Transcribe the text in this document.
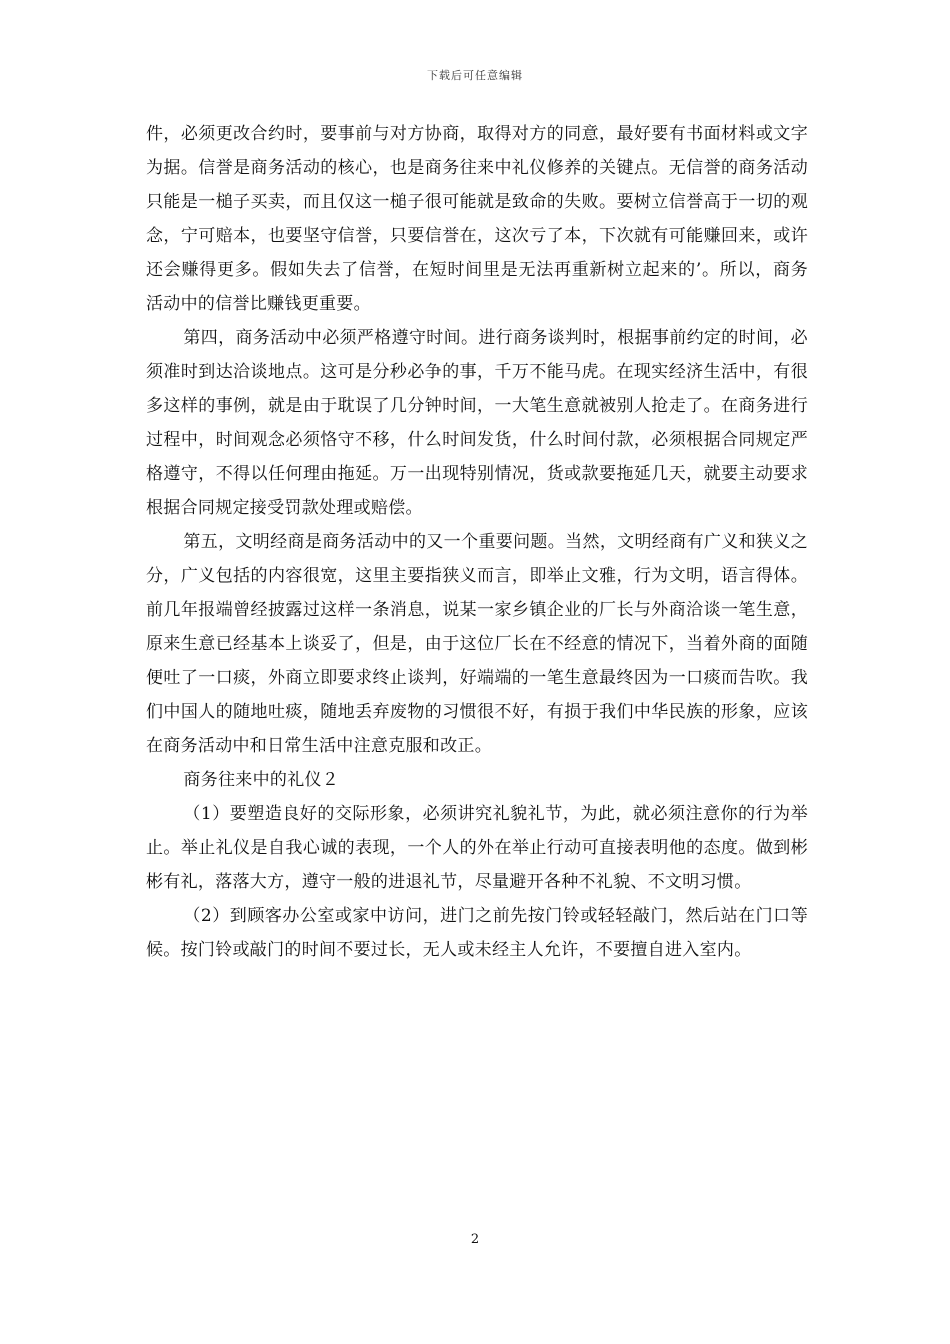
下载后可任意编辑

件，必须更改合约时，要事前与对方协商，取得对方的同意，最好要有书面材料或文字为据。信誉是商务活动的核心，也是商务往来中礼仪修养的关键点。无信誉的商务活动只能是一槌子买卖，而且仅这一槌子很可能就是致命的失败。要树立信誉高于一切的观念，宁可赔本，也要坚守信誉，只要信誉在，这次亏了本，下次就有可能赚回来，或许还会赚得更多。假如失去了信誉，在短时间里是无法再重新树立起来的’。所以，商务活动中的信誉比赚钱更重要。

第四，商务活动中必须严格遵守时间。进行商务谈判时，根据事前约定的时间，必须准时到达洽谈地点。这可是分秒必争的事，千万不能马虎。在现实经济生活中，有很多这样的事例，就是由于耽误了几分钟时间，一大笔生意就被别人抢走了。在商务进行过程中，时间观念必须恪守不移，什么时间发货，什么时间付款，必须根据合同规定严格遵守，不得以任何理由拖延。万一出现特别情况，货或款要拖延几天，就要主动要求根据合同规定接受罚款处理或赔偿。

第五，文明经商是商务活动中的又一个重要问题。当然，文明经商有广义和狭义之分，广义包括的内容很宽，这里主要指狭义而言，即举止文雅，行为文明，语言得体。前几年报端曾经披露过这样一条消息，说某一家乡镇企业的厂长与外商洽谈一笔生意，原来生意已经基本上谈妥了，但是，由于这位厂长在不经意的情况下，当着外商的面随便吐了一口痰，外商立即要求终止谈判，好端端的一笔生意最终因为一口痰而告吹。我们中国人的随地吐痰，随地丢弃废物的习惯很不好，有损于我们中华民族的形象，应该在商务活动中和日常生活中注意克服和改正。

商务往来中的礼仪２

（1）要塑造良好的交际形象，必须讲究礼貌礼节，为此，就必须注意你的行为举止。举止礼仪是自我心诚的表现，一个人的外在举止行动可直接表明他的态度。做到彬彬有礼，落落大方，遵守一般的进退礼节，尽量避开各种不礼貌、不文明习惯。

（2）到顾客办公室或家中访问，进门之前先按门铃或轻轻敲门，然后站在门口等候。按门铃或敲门的时间不要过长，无人或未经主人允许，不要擅自进入室内。

2
